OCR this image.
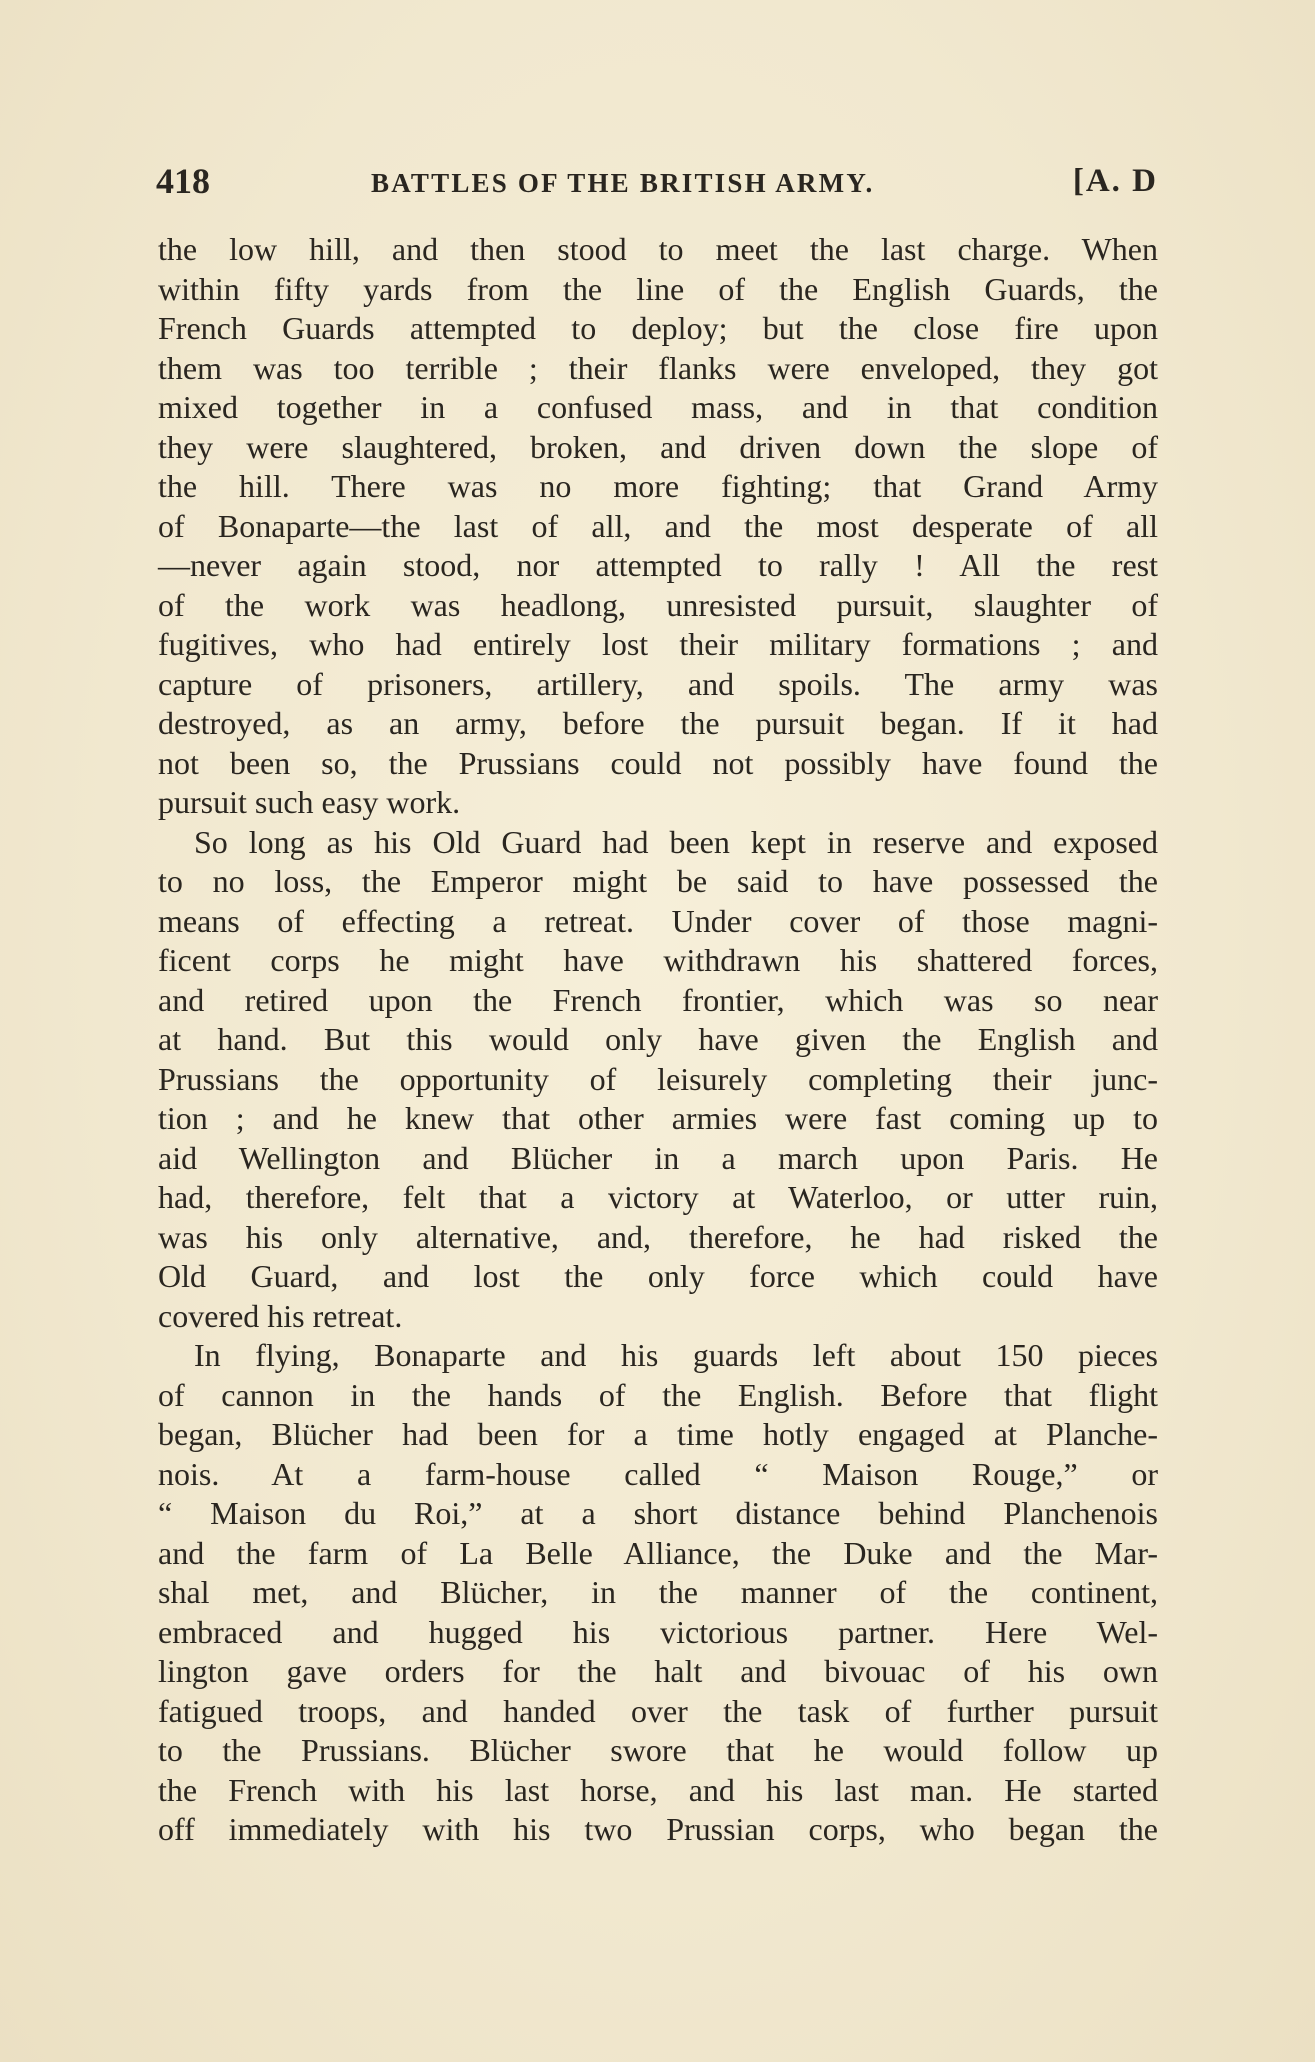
418	BATTLES OF THE BRITISH ARMY.	[A. D
the low hill, and then stood to meet the last charge. When
within fifty yards from the line of the English Guards, the
French Guards attempted to deploy; but the close fire upon
them was too terrible ; their flanks were enveloped, they got
mixed together in a confused mass, and in that condition
they were slaughtered, broken, and driven down the slope of
the hill. There was no more fighting; that Grand Army
of Bonaparte—the last of all, and the most desperate of all
—never again stood, nor attempted to rally ! All the rest
of the work was headlong, unresisted pursuit, slaughter of
fugitives, who had entirely lost their military formations ; and
capture of prisoners, artillery, and spoils. The army was
destroyed, as an army, before the pursuit began. If it had
not been so, the Prussians could not possibly have found the
pursuit such easy work.
So long as his Old Guard had been kept in reserve and exposed
to no loss, the Emperor might be said to have possessed the
means of effecting a retreat. Under cover of those magni-
ficent corps he might have withdrawn his shattered forces,
and retired upon the French frontier, which was so near
at hand. But this would only have given the English and
Prussians the opportunity of leisurely completing their junc-
tion ; and he knew that other armies were fast coming up to
aid Wellington and Blücher in a march upon Paris. He
had, therefore, felt that a victory at Waterloo, or utter ruin,
was his only alternative, and, therefore, he had risked the
Old Guard, and lost the only force which could have
covered his retreat.
In flying, Bonaparte and his guards left about 150 pieces
of cannon in the hands of the English. Before that flight
began, Blücher had been for a time hotly engaged at Planche-
nois. At a farm-house called “ Maison Rouge,” or
“ Maison du Roi,” at a short distance behind Planchenois
and the farm of La Belle Alliance, the Duke and the Mar-
shal met, and Blücher, in the manner of the continent,
embraced and hugged his victorious partner. Here Wel-
lington gave orders for the halt and bivouac of his own
fatigued troops, and handed over the task of further pursuit
to the Prussians. Blücher swore that he would follow up
the French with his last horse, and his last man. He started
off immediately with his two Prussian corps, who began the
